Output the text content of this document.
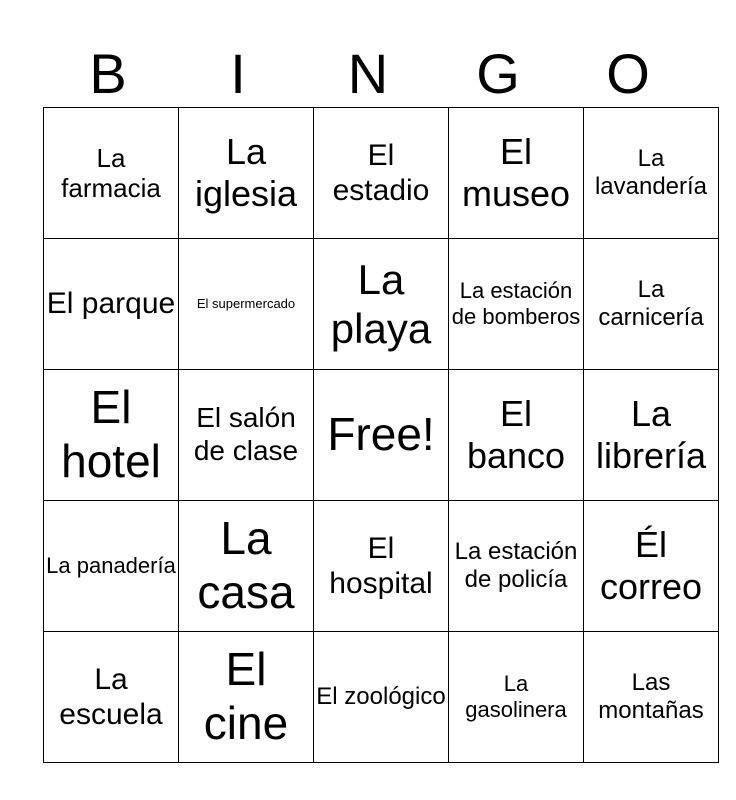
B	I	N	G	O
La farmacia	La iglesia	El estadio	El museo	La lavandería
El parque	El supermercado	La playa	La estación de bomberos	La carnicería
El hotel	El salón de clase	Free!	El banco	La librería
La panadería	La casa	El hospital	La estación de policía	Él correo
La escuela	El cine	El zoológico	La gasolinera	Las montañas
